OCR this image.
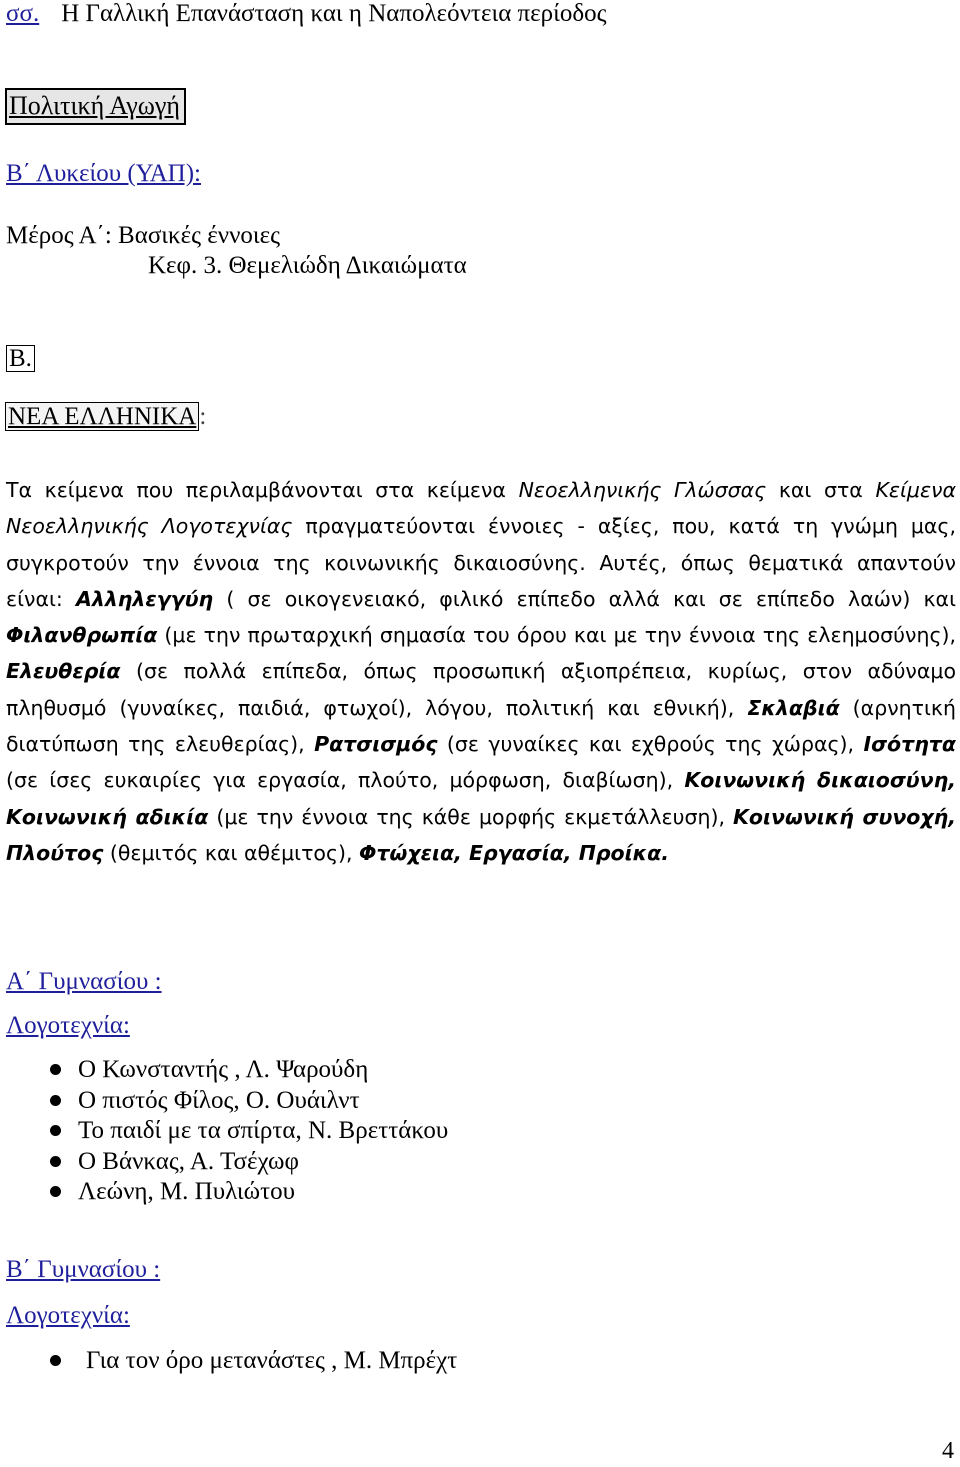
σσ. Η Γαλλική Επανάσταση και η Ναπολεόντεια περίοδος

Πολιτική Αγωγή

Β΄ Λυκείου (ΥΑΠ):

Μέρος Α΄: Βασικές έννοιες

Κεφ. 3. Θεμελιώδη Δικαιώματα

Β.

ΝΕΑ ΕΛΛΗΝΙΚΑ :

Τα κείμενα που περιλαμβάνονται στα κείμενα Νεοελληνικής Γλώσσας και στα Κείμενα Νεοελληνικής Λογοτεχνίας πραγματεύονται έννοιες - αξίες, που, κατά τη γνώμη μας, συγκροτούν την έννοια της κοινωνικής δικαιοσύνης. Αυτές, όπως θεματικά απαντούν είναι: Αλληλεγγύη ( σε οικογενειακό, φιλικό επίπεδο αλλά και σε επίπεδο λαών) και Φιλανθρωπία (με την πρωταρχική σημασία του όρου και με την έννοια της ελεημοσύνης), Ελευθερία (σε πολλά επίπεδα, όπως προσωπική αξιοπρέπεια, κυρίως, στον αδύναμο πληθυσμό (γυναίκες, παιδιά, φτωχοί), λόγου, πολιτική και εθνική), Σκλαβιά (αρνητική διατύπωση της ελευθερίας), Ρατσισμός (σε γυναίκες και εχθρούς της χώρας), Ισότητα (σε ίσες ευκαιρίες για εργασία, πλούτο, μόρφωση, διαβίωση), Κοινωνική δικαιοσύνη, Κοινωνική αδικία (με την έννοια της κάθε μορφής εκμετάλλευση), Κοινωνική συνοχή, Πλούτος (θεμιτός και αθέμιτος), Φτώχεια, Εργασία, Προίκα.

Α΄ Γυμνασίου :

Λογοτεχνία:

Ο Κωνσταντής , Λ. Ψαρούδη
Ο πιστός Φίλος, Ο. Ουάιλντ
Το παιδί με τα σπίρτα, Ν. Βρεττάκου
Ο Βάνκας, Α. Τσέχωφ
Λεώνη, Μ. Πυλιώτου

Β΄ Γυμνασίου :

Λογοτεχνία:

Για τον όρο μετανάστες , Μ. Μπρέχτ

4
